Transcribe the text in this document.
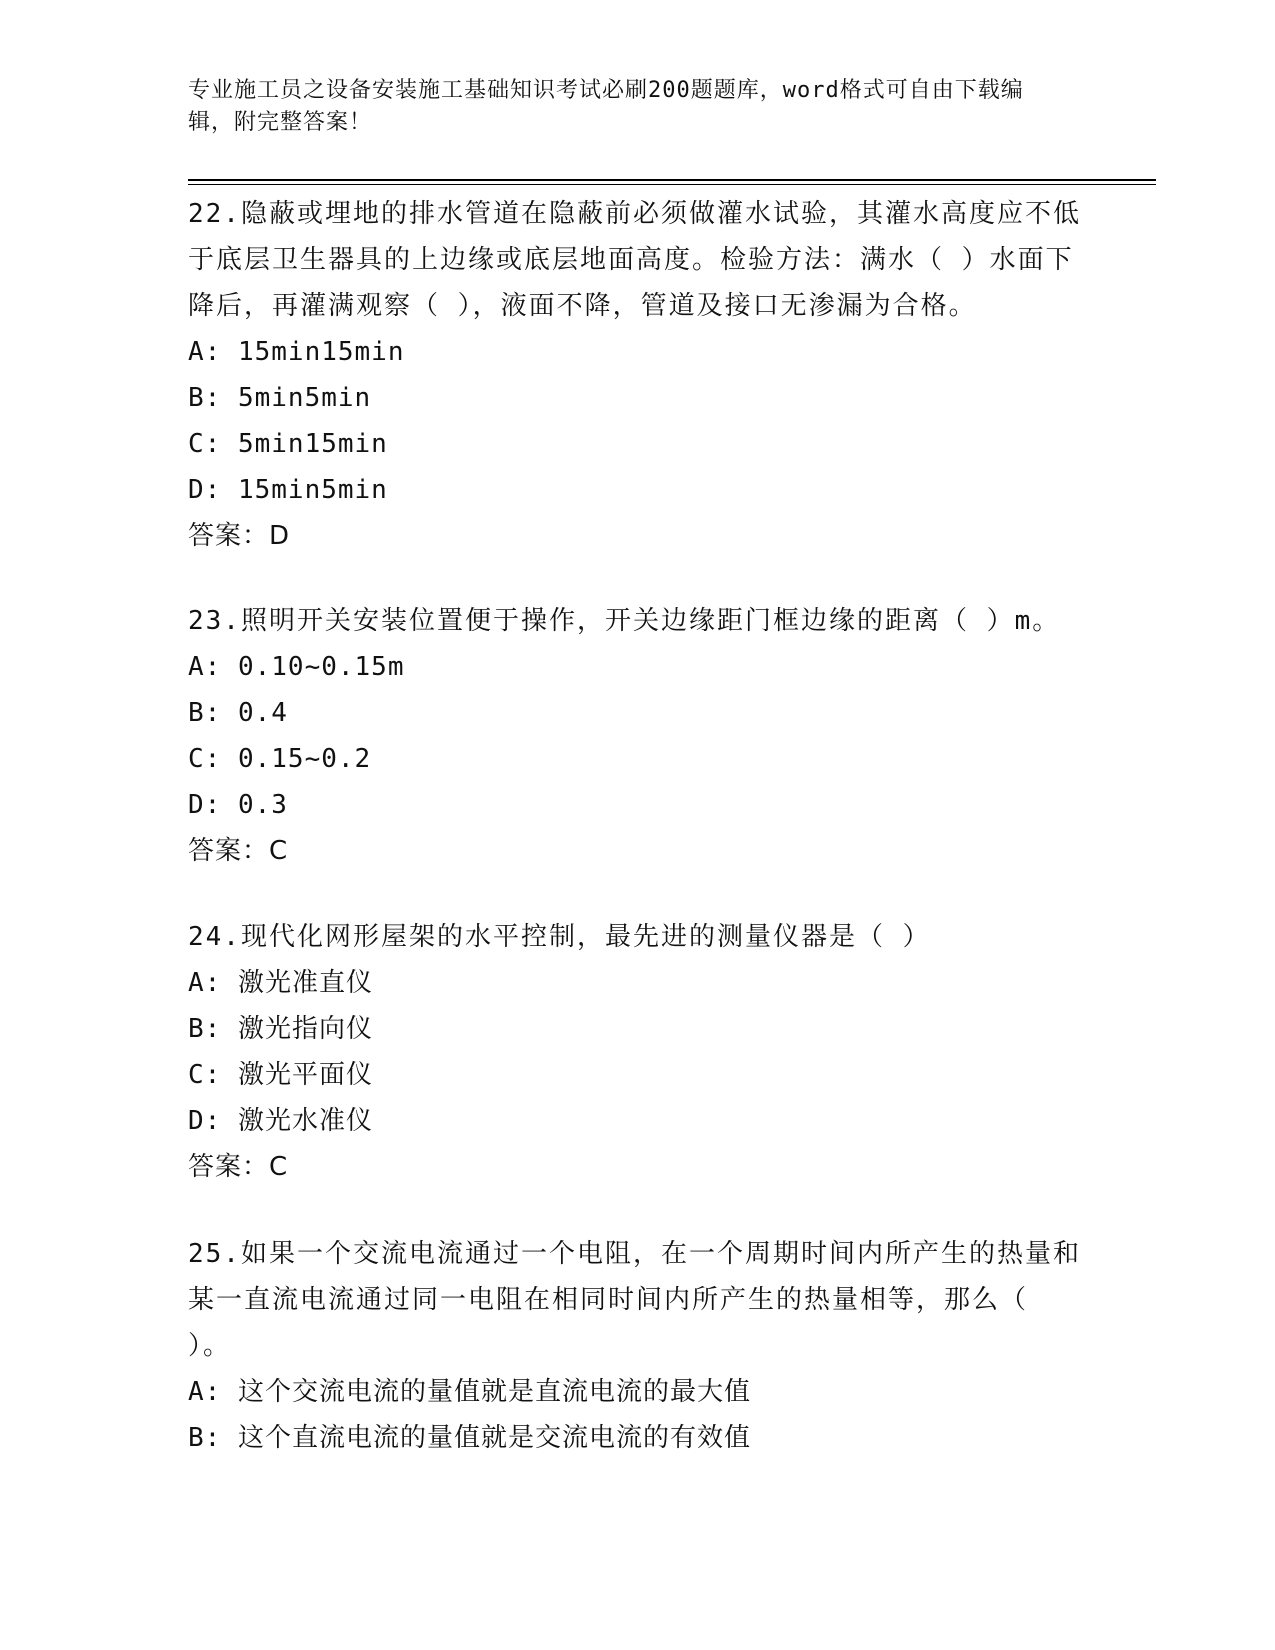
专业施工员之设备安装施工基础知识考试必刷200题题库，word格式可自由下载编辑，附完整答案！

22.隐蔽或埋地的排水管道在隐蔽前必须做灌水试验，其灌水高度应不低于底层卫生器具的上边缘或底层地面高度。检验方法：满水（ ）水面下降后，再灌满观察（ ），液面不降，管道及接口无渗漏为合格。

A: 15min15min

B: 5min5min

C: 5min15min

D: 15min5min

答案：D

23.照明开关安装位置便于操作，开关边缘距门框边缘的距离（ ）m。

A: 0.10~0.15m

B: 0.4

C: 0.15~0.2

D: 0.3

答案：C

24.现代化网形屋架的水平控制，最先进的测量仪器是（ ）

A: 激光准直仪

B: 激光指向仪

C: 激光平面仪

D: 激光水准仪

答案：C

25.如果一个交流电流通过一个电阻，在一个周期时间内所产生的热量和某一直流电流通过同一电阻在相同时间内所产生的热量相等，那么（ ）。

A: 这个交流电流的量值就是直流电流的最大值

B: 这个直流电流的量值就是交流电流的有效值
